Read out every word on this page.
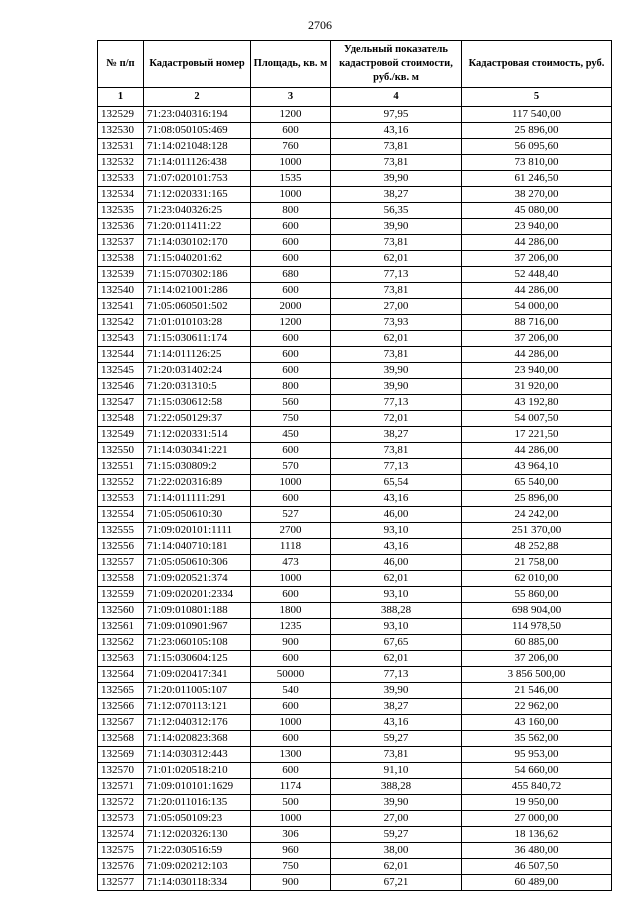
2706
№ п/п	Кадастровый номер	Площадь, кв. м	Удельный показатель кадастровой стоимости, руб./кв. м	Кадастровая стоимость, руб.
1	2	3	4	5
132529	71:23:040316:194	1200	97,95	117 540,00
132530	71:08:050105:469	600	43,16	25 896,00
132531	71:14:021048:128	760	73,81	56 095,60
132532	71:14:011126:438	1000	73,81	73 810,00
132533	71:07:020101:753	1535	39,90	61 246,50
132534	71:12:020331:165	1000	38,27	38 270,00
132535	71:23:040326:25	800	56,35	45 080,00
132536	71:20:011411:22	600	39,90	23 940,00
132537	71:14:030102:170	600	73,81	44 286,00
132538	71:15:040201:62	600	62,01	37 206,00
132539	71:15:070302:186	680	77,13	52 448,40
132540	71:14:021001:286	600	73,81	44 286,00
132541	71:05:060501:502	2000	27,00	54 000,00
132542	71:01:010103:28	1200	73,93	88 716,00
132543	71:15:030611:174	600	62,01	37 206,00
132544	71:14:011126:25	600	73,81	44 286,00
132545	71:20:031402:24	600	39,90	23 940,00
132546	71:20:031310:5	800	39,90	31 920,00
132547	71:15:030612:58	560	77,13	43 192,80
132548	71:22:050129:37	750	72,01	54 007,50
132549	71:12:020331:514	450	38,27	17 221,50
132550	71:14:030341:221	600	73,81	44 286,00
132551	71:15:030809:2	570	77,13	43 964,10
132552	71:22:020316:89	1000	65,54	65 540,00
132553	71:14:011111:291	600	43,16	25 896,00
132554	71:05:050610:30	527	46,00	24 242,00
132555	71:09:020101:1111	2700	93,10	251 370,00
132556	71:14:040710:181	1118	43,16	48 252,88
132557	71:05:050610:306	473	46,00	21 758,00
132558	71:09:020521:374	1000	62,01	62 010,00
132559	71:09:020201:2334	600	93,10	55 860,00
132560	71:09:010801:188	1800	388,28	698 904,00
132561	71:09:010901:967	1235	93,10	114 978,50
132562	71:23:060105:108	900	67,65	60 885,00
132563	71:15:030604:125	600	62,01	37 206,00
132564	71:09:020417:341	50000	77,13	3 856 500,00
132565	71:20:011005:107	540	39,90	21 546,00
132566	71:12:070113:121	600	38,27	22 962,00
132567	71:12:040312:176	1000	43,16	43 160,00
132568	71:14:020823:368	600	59,27	35 562,00
132569	71:14:030312:443	1300	73,81	95 953,00
132570	71:01:020518:210	600	91,10	54 660,00
132571	71:09:010101:1629	1174	388,28	455 840,72
132572	71:20:011016:135	500	39,90	19 950,00
132573	71:05:050109:23	1000	27,00	27 000,00
132574	71:12:020326:130	306	59,27	18 136,62
132575	71:22:030516:59	960	38,00	36 480,00
132576	71:09:020212:103	750	62,01	46 507,50
132577	71:14:030118:334	900	67,21	60 489,00
